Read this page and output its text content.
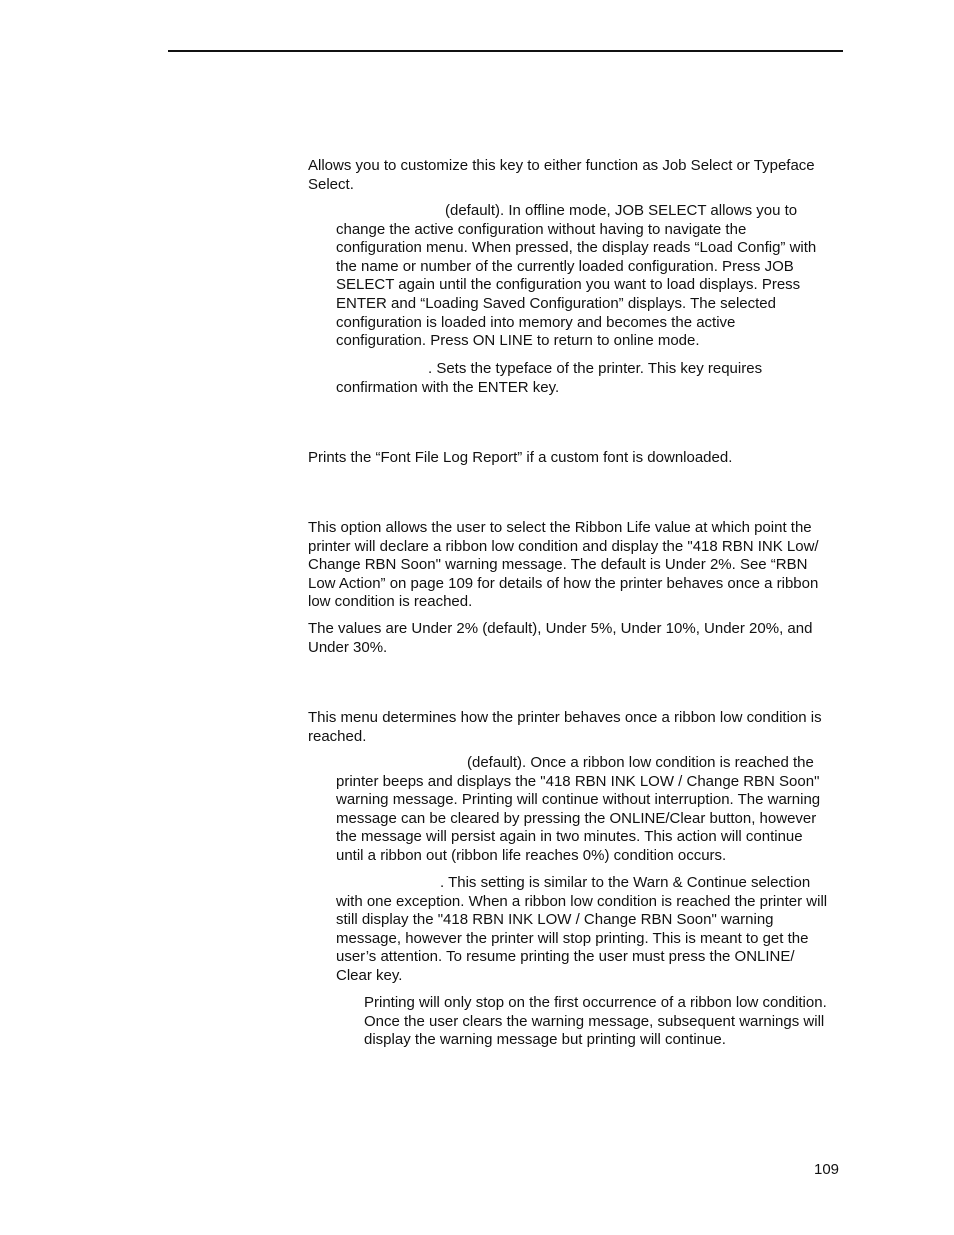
Allows you to customize this key to either function as Job Select or Typeface
Select.

(default). In offline mode, JOB SELECT allows you to
change the active configuration without having to navigate the
configuration menu. When pressed, the display reads “Load Config” with
the name or number of the currently loaded configuration. Press JOB
SELECT again until the configuration you want to load displays. Press
ENTER and “Loading Saved Configuration” displays. The selected
configuration is loaded into memory and becomes the active
configuration. Press ON LINE to return to online mode.

. Sets the typeface of the printer. This key requires
confirmation with the ENTER key.

Prints the “Font File Log Report” if a custom font is downloaded.

This option allows the user to select the Ribbon Life value at which point the
printer will declare a ribbon low condition and display the "418 RBN INK Low/
Change RBN Soon" warning message. The default is Under 2%. See “RBN
Low Action” on page 109 for details of how the printer behaves once a ribbon
low condition is reached.

The values are Under 2% (default), Under 5%, Under 10%, Under 20%, and
Under 30%.

This menu determines how the printer behaves once a ribbon low condition is
reached.

(default). Once a ribbon low condition is reached the
printer beeps and displays the "418 RBN INK LOW / Change RBN Soon"
warning message. Printing will continue without interruption. The warning
message can be cleared by pressing the ONLINE/Clear button, however
the message will persist again in two minutes. This action will continue
until a ribbon out (ribbon life reaches 0%) condition occurs.

. This setting is similar to the Warn & Continue selection
with one exception. When a ribbon low condition is reached the printer will
still display the "418 RBN INK LOW / Change RBN Soon" warning
message, however the printer will stop printing. This is meant to get the
user’s attention. To resume printing the user must press the ONLINE/
Clear key.

Printing will only stop on the first occurrence of a ribbon low condition.
Once the user clears the warning message, subsequent warnings will
display the warning message but printing will continue.

109
